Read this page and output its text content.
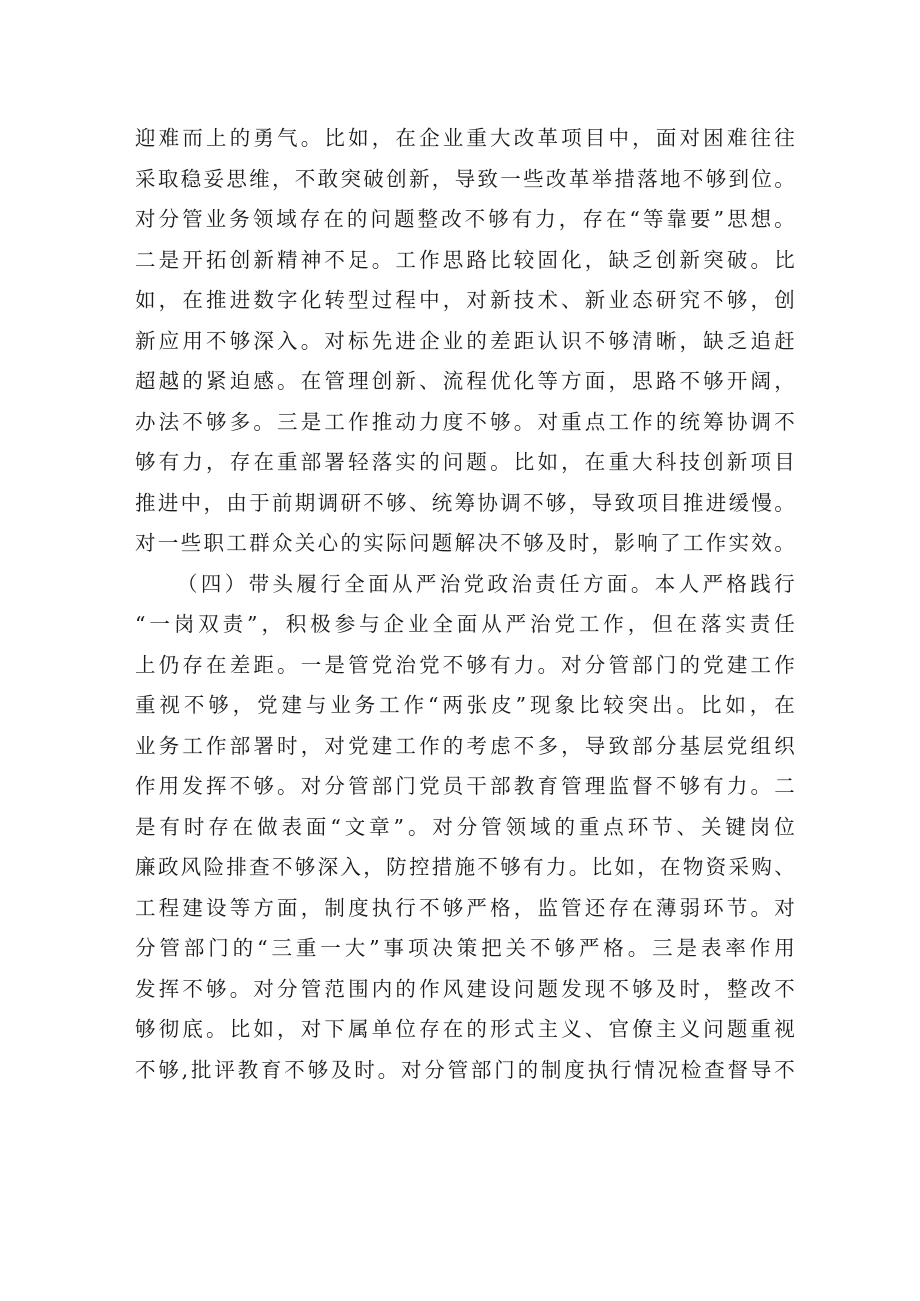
迎难而上的勇气。比如，在企业重大改革项目中，面对困难往往
采取稳妥思维，不敢突破创新，导致一些改革举措落地不够到位。
对分管业务领域存在的问题整改不够有力，存在“等靠要”思想。
二是开拓创新精神不足。工作思路比较固化，缺乏创新突破。比
如，在推进数字化转型过程中，对新技术、新业态研究不够，创
新应用不够深入。对标先进企业的差距认识不够清晰，缺乏追赶
超越的紧迫感。在管理创新、流程优化等方面，思路不够开阔，
办法不够多。三是工作推动力度不够。对重点工作的统筹协调不
够有力，存在重部署轻落实的问题。比如，在重大科技创新项目
推进中，由于前期调研不够、统筹协调不够，导致项目推进缓慢。
对一些职工群众关心的实际问题解决不够及时，影响了工作实效。
（四）带头履行全面从严治党政治责任方面。本人严格践行
“一岗双责”，积极参与企业全面从严治党工作，但在落实责任
上仍存在差距。一是管党治党不够有力。对分管部门的党建工作
重视不够，党建与业务工作“两张皮”现象比较突出。比如，在
业务工作部署时，对党建工作的考虑不多，导致部分基层党组织
作用发挥不够。对分管部门党员干部教育管理监督不够有力。二
是有时存在做表面“文章”。对分管领域的重点环节、关键岗位
廉政风险排查不够深入，防控措施不够有力。比如，在物资采购、
工程建设等方面，制度执行不够严格，监管还存在薄弱环节。对
分管部门的“三重一大”事项决策把关不够严格。三是表率作用
发挥不够。对分管范围内的作风建设问题发现不够及时，整改不
够彻底。比如，对下属单位存在的形式主义、官僚主义问题重视
不够,批评教育不够及时。对分管部门的制度执行情况检查督导不
